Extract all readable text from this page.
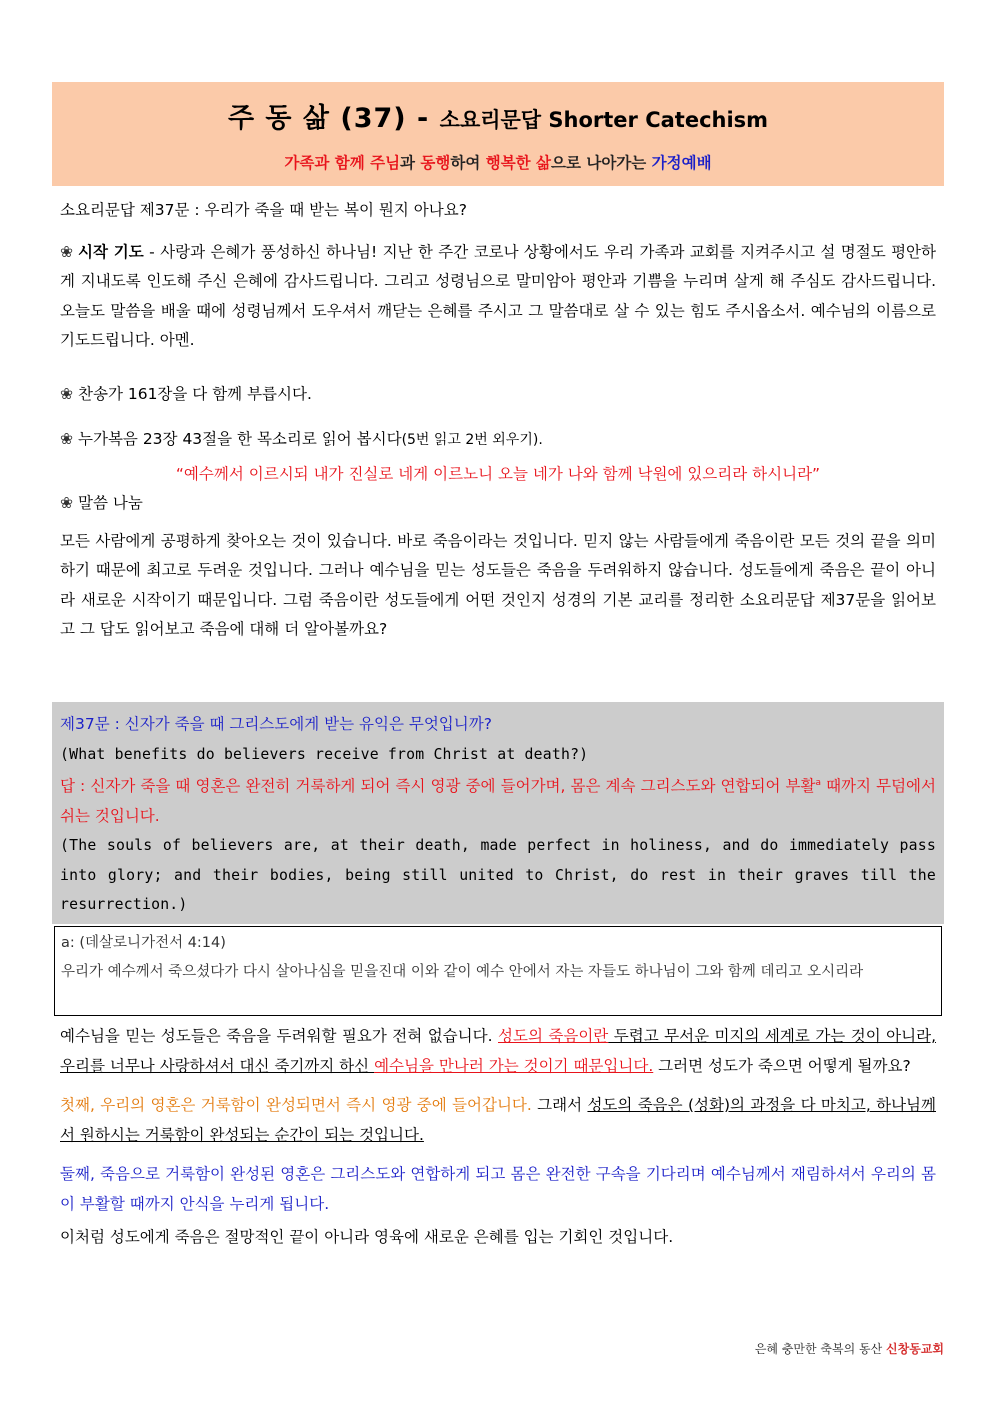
주 동 삶 (37) - 소요리문답 Shorter Catechism
가족과 함께 주님과 동행하여 행복한 삶으로 나아가는 가정예배
소요리문답 제37문 : 우리가 죽을 때 받는 복이 뭔지 아나요?
❀ 시작 기도 - 사랑과 은혜가 풍성하신 하나님! 지난 한 주간 코로나 상황에서도 우리 가족과 교회를 지켜주시고 설 명절도 평안하게 지내도록 인도해 주신 은혜에 감사드립니다. 그리고 성령님으로 말미암아 평안과 기쁨을 누리며 살게 해 주심도 감사드립니다. 오늘도 말씀을 배울 때에 성령님께서 도우셔서 깨닫는 은혜를 주시고 그 말씀대로 살 수 있는 힘도 주시옵소서. 예수님의 이름으로 기도드립니다. 아멘.
❀ 찬송가 161장을 다 함께 부릅시다.
❀ 누가복음 23장 43절을 한 목소리로 읽어 봅시다(5번 읽고 2번 외우기).
“예수께서 이르시되 내가 진실로 네게 이르노니 오늘 네가 나와 함께 낙원에 있으리라 하시니라”
❀ 말씀 나눔
모든 사람에게 공평하게 찾아오는 것이 있습니다. 바로 죽음이라는 것입니다. 믿지 않는 사람들에게 죽음이란 모든 것의 끝을 의미하기 때문에 최고로 두려운 것입니다. 그러나 예수님을 믿는 성도들은 죽음을 두려워하지 않습니다. 성도들에게 죽음은 끝이 아니라 새로운 시작이기 때문입니다. 그럼 죽음이란 성도들에게 어떤 것인지 성경의 기본 교리를 정리한 소요리문답 제37문을 읽어보고 그 답도 읽어보고 죽음에 대해 더 알아볼까요?
제37문 : 신자가 죽을 때 그리스도에게 받는 유익은 무엇입니까?
(What benefits do believers receive from Christ at death?)
답 : 신자가 죽을 때 영혼은 완전히 거룩하게 되어 즉시 영광 중에 들어가며, 몸은 계속 그리스도와 연합되어 부활$^a$ 때까지 무덤에서 쉬는 것입니다.
(The souls of believers are, at their death, made perfect in holiness, and do immediately pass into glory; and their bodies, being still united to Christ, do rest in their graves till the resurrection.)
a: (데살로니가전서 4:14)
우리가 예수께서 죽으셨다가 다시 살아나심을 믿을진대 이와 같이 예수 안에서 자는 자들도 하나님이 그와 함께 데리고 오시리라
예수님을 믿는 성도들은 죽음을 두려워할 필요가 전혀 없습니다. 성도의 죽음이란 두렵고 무서운 미지의 세계로 가는 것이 아니라, 우리를 너무나 사랑하셔서 대신 죽기까지 하신 예수님을 만나러 가는 것이기 때문입니다. 그러면 성도가 죽으면 어떻게 될까요?
첫째, 우리의 영혼은 거룩함이 완성되면서 즉시 영광 중에 들어갑니다. 그래서 성도의 죽음은 (성화)의 과정을 다 마치고, 하나님께서 원하시는 거룩함이 완성되는 순간이 되는 것입니다.
둘째, 죽음으로 거룩함이 완성된 영혼은 그리스도와 연합하게 되고 몸은 완전한 구속을 기다리며 예수님께서 재림하셔서 우리의 몸이 부활할 때까지 안식을 누리게 됩니다.
이처럼 성도에게 죽음은 절망적인 끝이 아니라 영육에 새로운 은혜를 입는 기회인 것입니다.
은혜 충만한 축복의 동산 신창동교회
